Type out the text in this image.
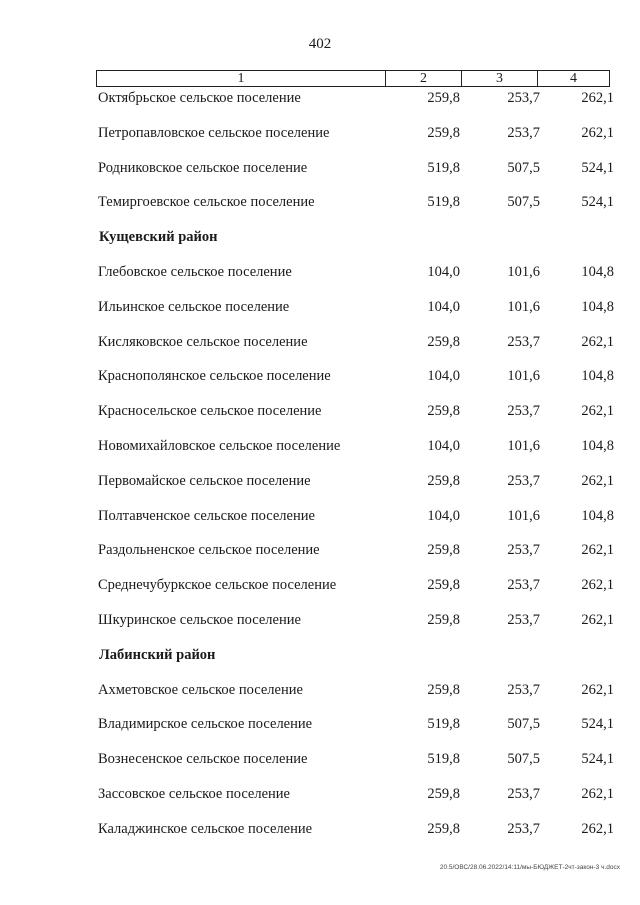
402
1	2	3	4
Октябрьское сельское поселение	259,8	253,7	262,1
Петропавловское сельское поселение	259,8	253,7	262,1
Родниковское сельское поселение	519,8	507,5	524,1
Темиргоевское сельское поселение	519,8	507,5	524,1
Кущевский район
Глебовское сельское поселение	104,0	101,6	104,8
Ильинское сельское поселение	104,0	101,6	104,8
Кисляковское сельское поселение	259,8	253,7	262,1
Краснополянское сельское поселение	104,0	101,6	104,8
Красносельское сельское поселение	259,8	253,7	262,1
Новомихайловское сельское поселение	104,0	101,6	104,8
Первомайское сельское поселение	259,8	253,7	262,1
Полтавченское сельское поселение	104,0	101,6	104,8
Раздольненское сельское поселение	259,8	253,7	262,1
Среднечубуркское сельское поселение	259,8	253,7	262,1
Шкуринское сельское поселение	259,8	253,7	262,1
Лабинский район
Ахметовское сельское поселение	259,8	253,7	262,1
Владимирское сельское поселение	519,8	507,5	524,1
Вознесенское сельское поселение	519,8	507,5	524,1
Зассовское сельское поселение	259,8	253,7	262,1
Каладжинское сельское поселение	259,8	253,7	262,1
20.5/ОВС/28.06.2022/14:11/мы-БЮДЖЕТ-2чт-закон-3 ч.docx
